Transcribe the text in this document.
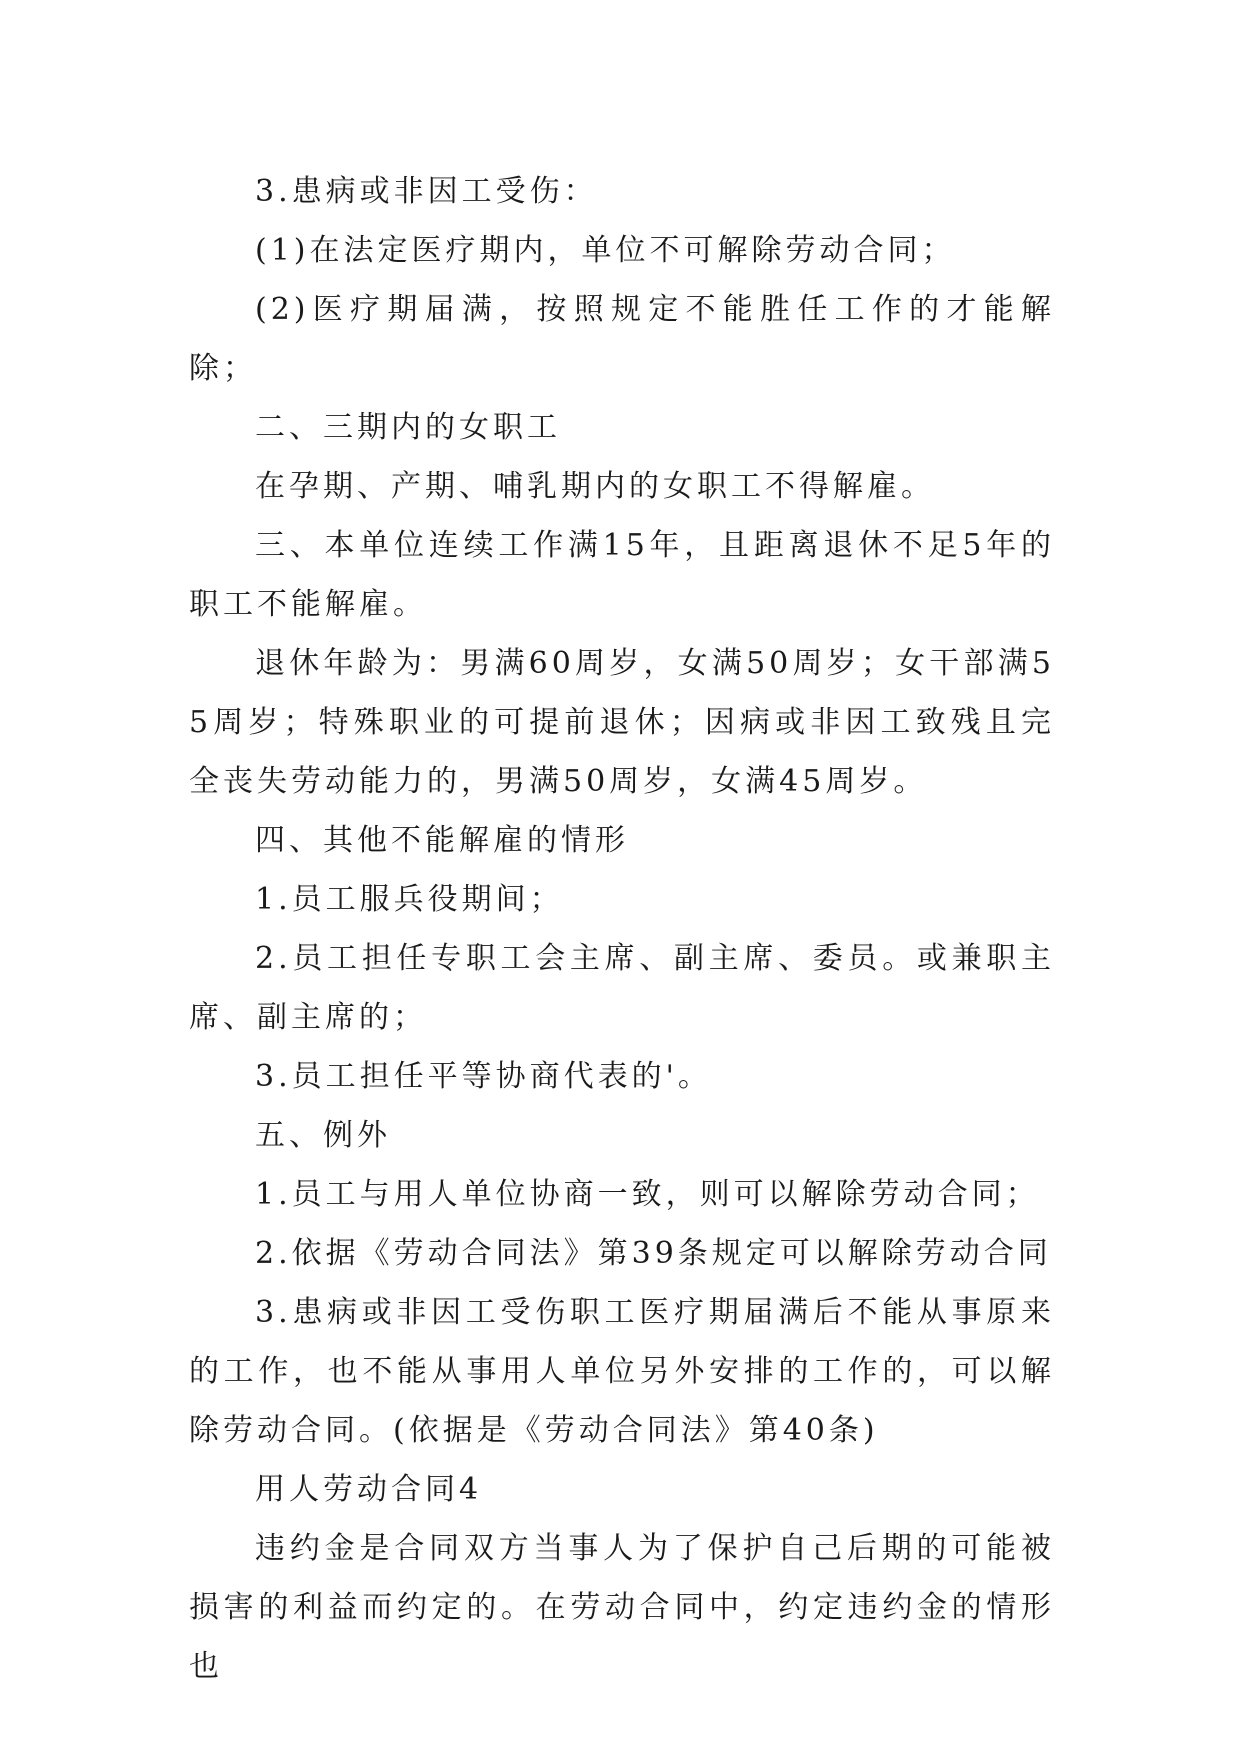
3.患病或非因工受伤：

(1)在法定医疗期内，单位不可解除劳动合同；

(2)医疗期届满，按照规定不能胜任工作的才能解除；

二、三期内的女职工

在孕期、产期、哺乳期内的女职工不得解雇。

三、本单位连续工作满15年，且距离退休不足5年的职工不能解雇。

退休年龄为：男满60周岁，女满50周岁；女干部满55周岁；特殊职业的可提前退休；因病或非因工致残且完全丧失劳动能力的，男满50周岁，女满45周岁。

四、其他不能解雇的情形

1.员工服兵役期间；

2.员工担任专职工会主席、副主席、委员。或兼职主席、副主席的；

3.员工担任平等协商代表的'。

五、例外

1.员工与用人单位协商一致，则可以解除劳动合同；

2.依据《劳动合同法》第39条规定可以解除劳动合同

3.患病或非因工受伤职工医疗期届满后不能从事原来的工作，也不能从事用人单位另外安排的工作的，可以解除劳动合同。(依据是《劳动合同法》第40条)

用人劳动合同4

违约金是合同双方当事人为了保护自己后期的可能被损害的利益而约定的。在劳动合同中，约定违约金的情形也
